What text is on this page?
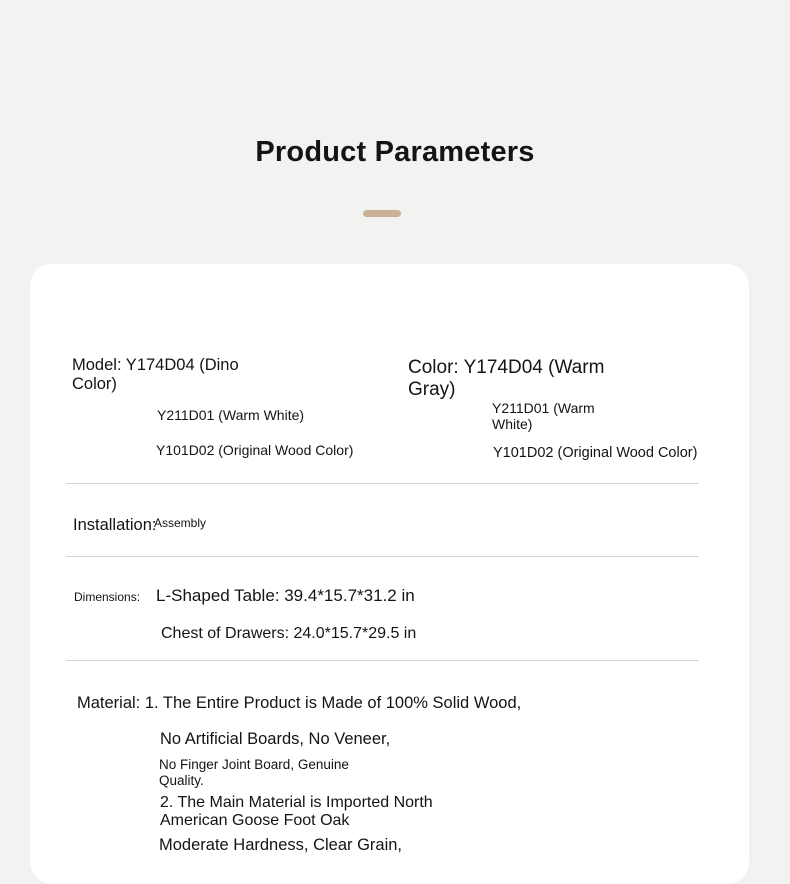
Product Parameters
Model: Y174D04 (Dino
Color)
Y211D01 (Warm White)
Y101D02 (Original Wood Color)
Color: Y174D04 (Warm
Gray)
Y211D01 (Warm
White)
Y101D02 (Original Wood Color)
Installation:
Assembly
Dimensions: L-Shaped Table: 39.4*15.7*31.2 in
Chest of Drawers: 24.0*15.7*29.5 in
Material: 1. The Entire Product is Made of 100% Solid Wood,
No Artificial Boards, No Veneer,
No Finger Joint Board, Genuine
Quality.
2. The Main Material is Imported North
American Goose Foot Oak
Moderate Hardness, Clear Grain,
